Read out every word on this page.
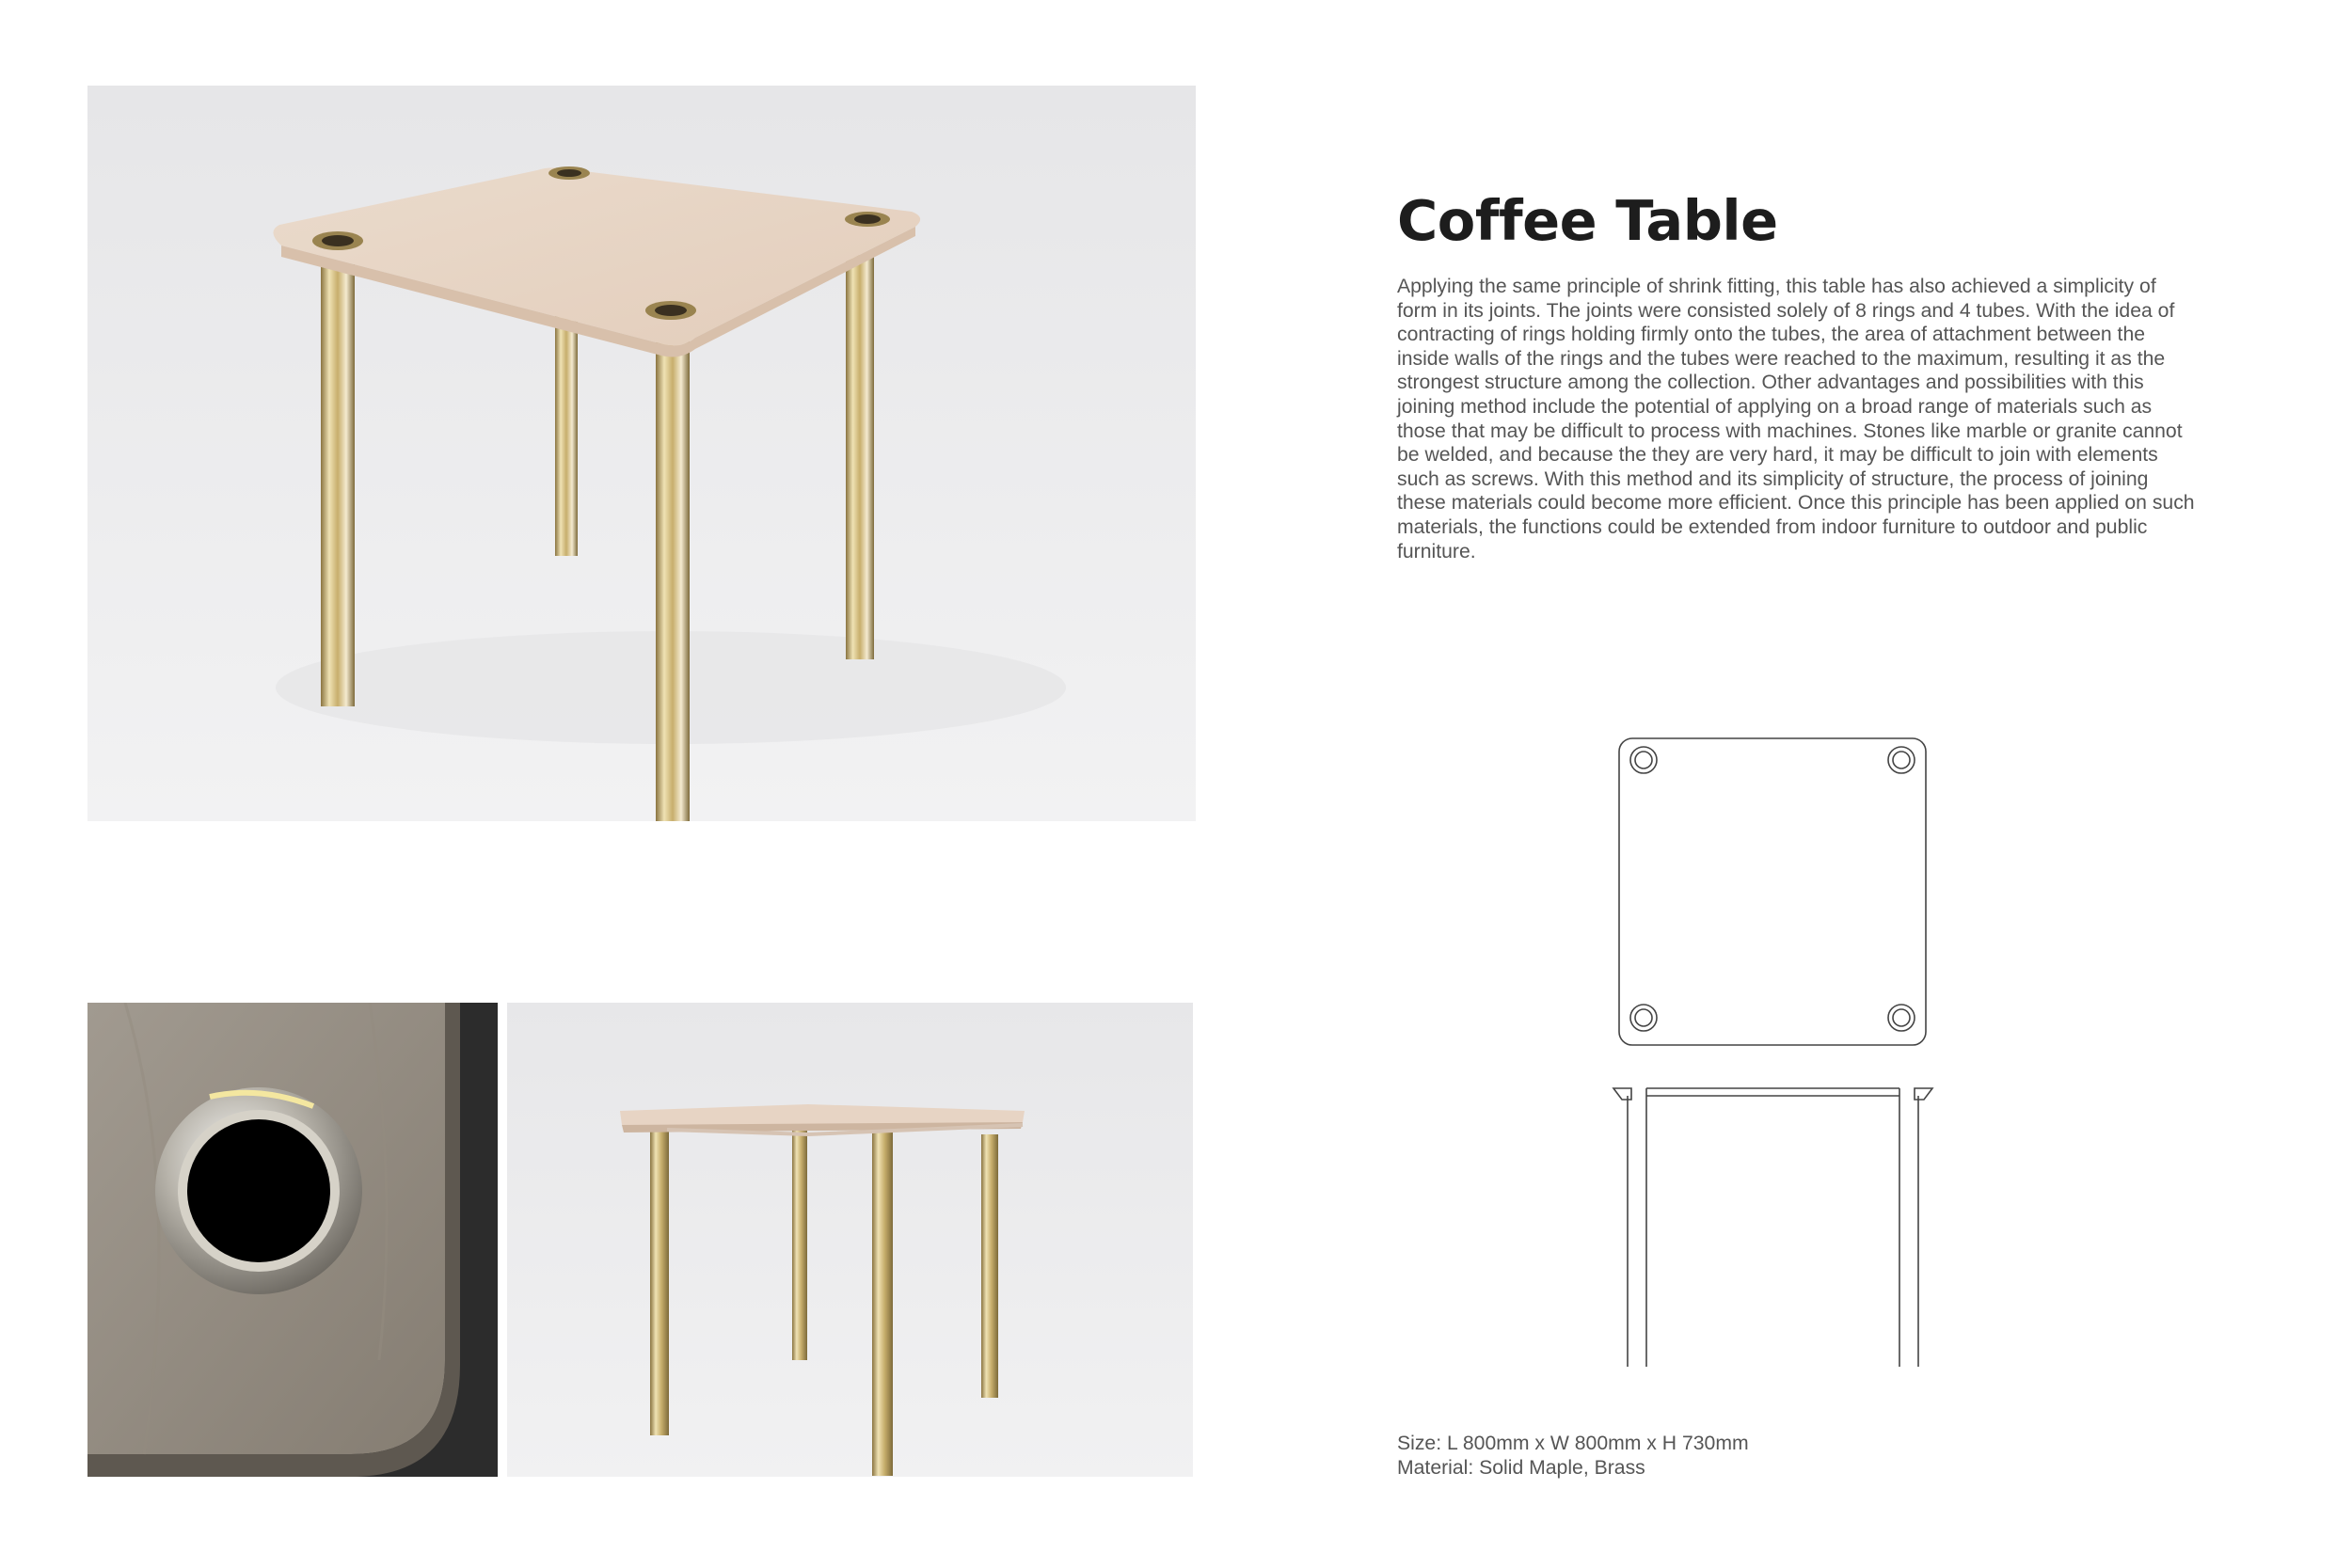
Coffee Table

Applying the same principle of shrink fitting, this table has also achieved a simplicity of
form in its joints. The joints were consisted solely of 8 rings and 4 tubes. With the idea of
contracting of rings holding firmly onto the tubes, the area of attachment between the
inside walls of the rings and the tubes were reached to the maximum, resulting it as the
strongest structure among the collection. Other advantages and possibilities with this
joining method include the potential of applying on a broad range of materials such as
those that may be difficult to process with machines. Stones like marble or granite cannot
be welded, and because the they are very hard, it may be difficult to join with elements
such as screws. With this method and its simplicity of structure, the process of joining
these materials could become more efficient. Once this principle has been applied on such
materials, the functions could be extended from indoor furniture to outdoor and public
furniture.

Size: L 800mm x W 800mm x H 730mm

Material: Solid Maple, Brass
